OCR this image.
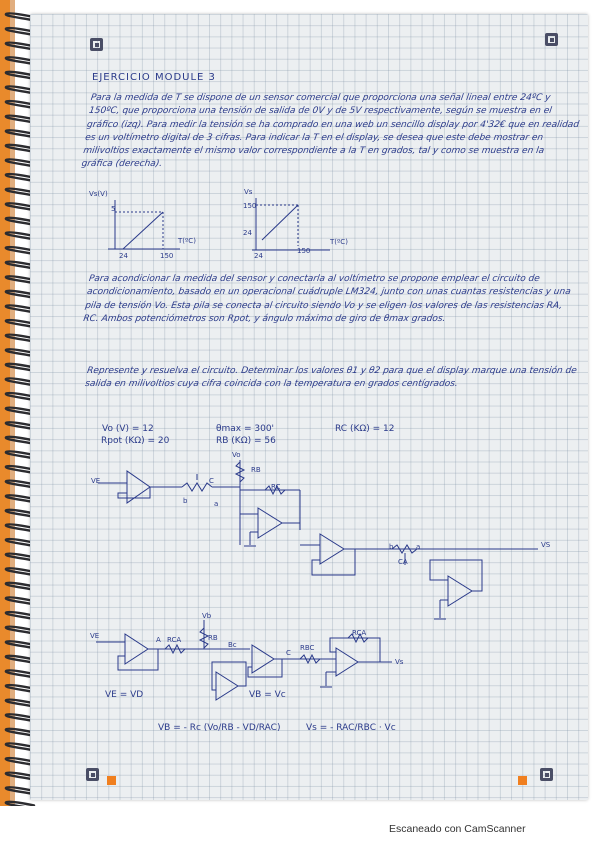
EJERCICIO MODULE 3
Para la medida de T se dispone de un sensor comercial que proporciona una señal lineal entre 24ºC y 150ºC, que proporciona una tensión de salida de 0V y de 5V respectivamente, según se muestra en el gráfico (izq). Para medir la tensión se ha comprado en una web un sencillo display por 4'32€ que en realidad es un voltímetro digital de 3 cifras. Para indicar la T en el display, se desea que este debe mostrar en milivoltios exactamente el mismo valor correspondiente a la T en grados, tal y como se muestra en la gráfica (derecha).
Para acondicionar la medida del sensor y conectarla al voltímetro se propone emplear el circuito de acondicionamiento, basado en un operacional cuádruple LM324, junto con unas cuantas resistencias y una pila de tensión Vo. Esta pila se conecta al circuito siendo Vo y se eligen los valores de las resistencias RA, RC. Ambos potenciómetros son Rpot, y ángulo máximo de giro de θmax grados.
Represente y resuelva el circuito. Determinar los valores θ1 y θ2 para que el display marque una tensión de salida en milivoltios cuya cifra coincida con la temperatura en grados centígrados.
Vs(V)
T(ºC)
5
24	150
Vs
T(ºC)
150
24
24
150
Vo (V) = 12
Rpot (KΩ) = 20
θmax = 300'
RB (KΩ) = 56
RC (KΩ) = 12
VE
Vo
RB
RC
C
b	a
a
b
CA
VS
VE	A RCA
Vb
RB
Bc
C
RBC
RCA
Vs
VE = VD	VB = Vc
VB = - Rc (Vo/RB - VD/RAC)	Vs = - RAC/RBC · Vc
Escaneado con CamScanner
